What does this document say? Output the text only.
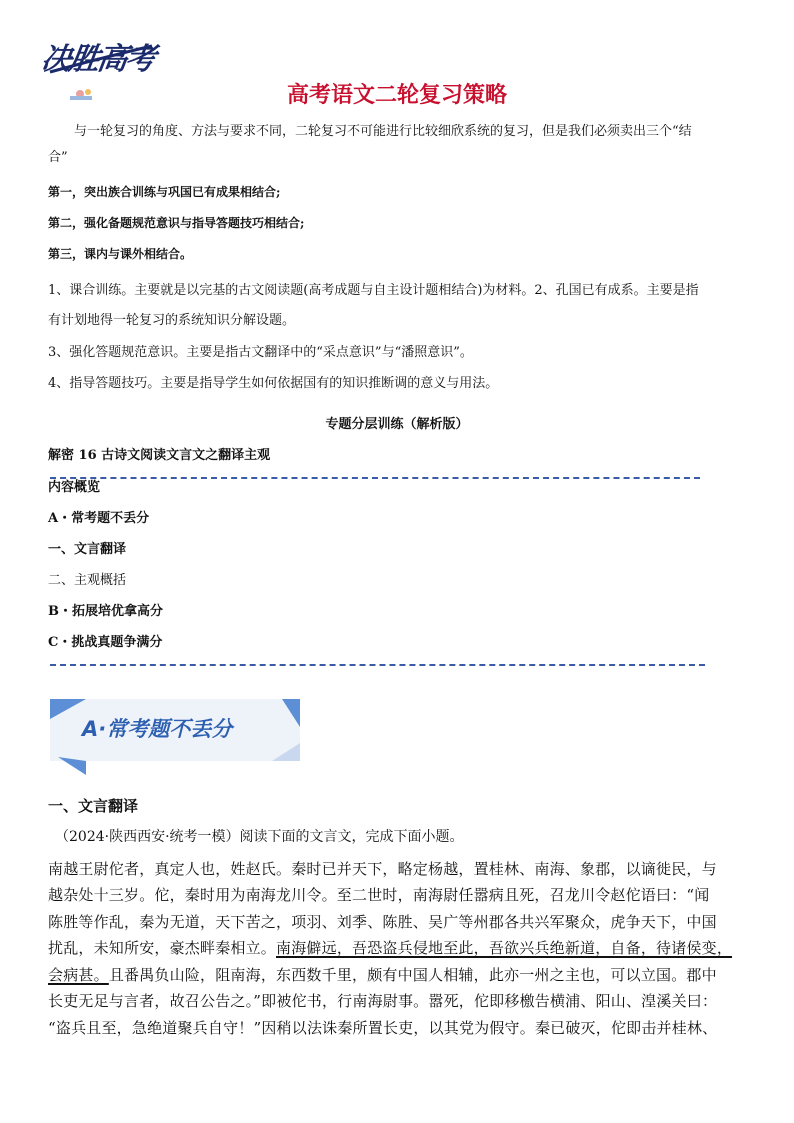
决胜高考
高考语文二轮复习策略
与一轮复习的角度、方法与要求不同，二轮复习不可能进行比较细欣系统的复习，但是我们必须卖出三个“结
合”
第一，突出族合训练与巩国已有成果相结合;
第二，强化备题规范意识与指导答题技巧相结合;
第三，课内与课外相结合。
1、课合训练。主要就是以完基的古文阅读题(高考成题与自主设计题相结合)为材料。2、孔国已有成系。主要是指
有计划地得一轮复习的系统知识分解设题。
3、强化答题规范意识。主要是指古文翻译中的“采点意识”与“潘照意识”。
4、指导答题技巧。主要是指导学生如何依据国有的知识推断调的意义与用法。
专题分层训练（解析版）
解密 16 古诗文阅读文言文之翻译主观
内容概览
A・常考题不丢分
一、文言翻译
二、主观概括
B・拓展培优拿高分
C・挑战真题争满分
A·常考题不丢分
一、文言翻译
（2024·陕西西安·统考一模）阅读下面的文言文，完成下面小题。
南越王尉佗者，真定人也，姓赵氏。秦时已并天下，略定杨越，置桂林、南海、象郡，以谪徙民，与
越杂处十三岁。佗，秦时用为南海龙川令。至二世时，南海尉任嚣病且死，召龙川令赵佗语曰：“闻
陈胜等作乱，秦为无道，天下苦之，项羽、刘季、陈胜、吴广等州郡各共兴军聚众，虎争天下，中国
扰乱，未知所安，豪杰畔秦相立。南海僻远，吾恐盗兵侵地至此，吾欲兴兵绝新道，自备，待诸侯变，
会病甚。且番禺负山险，阻南海，东西数千里，颇有中国人相辅，此亦一州之主也，可以立国。郡中
长吏无足与言者，故召公告之。”即被佗书，行南海尉事。嚣死，佗即移檄告横浦、阳山、湟溪关曰：
“盗兵且至，急绝道聚兵自守！”因稍以法诛秦所置长吏，以其党为假守。秦已破灭，佗即击并桂林、
